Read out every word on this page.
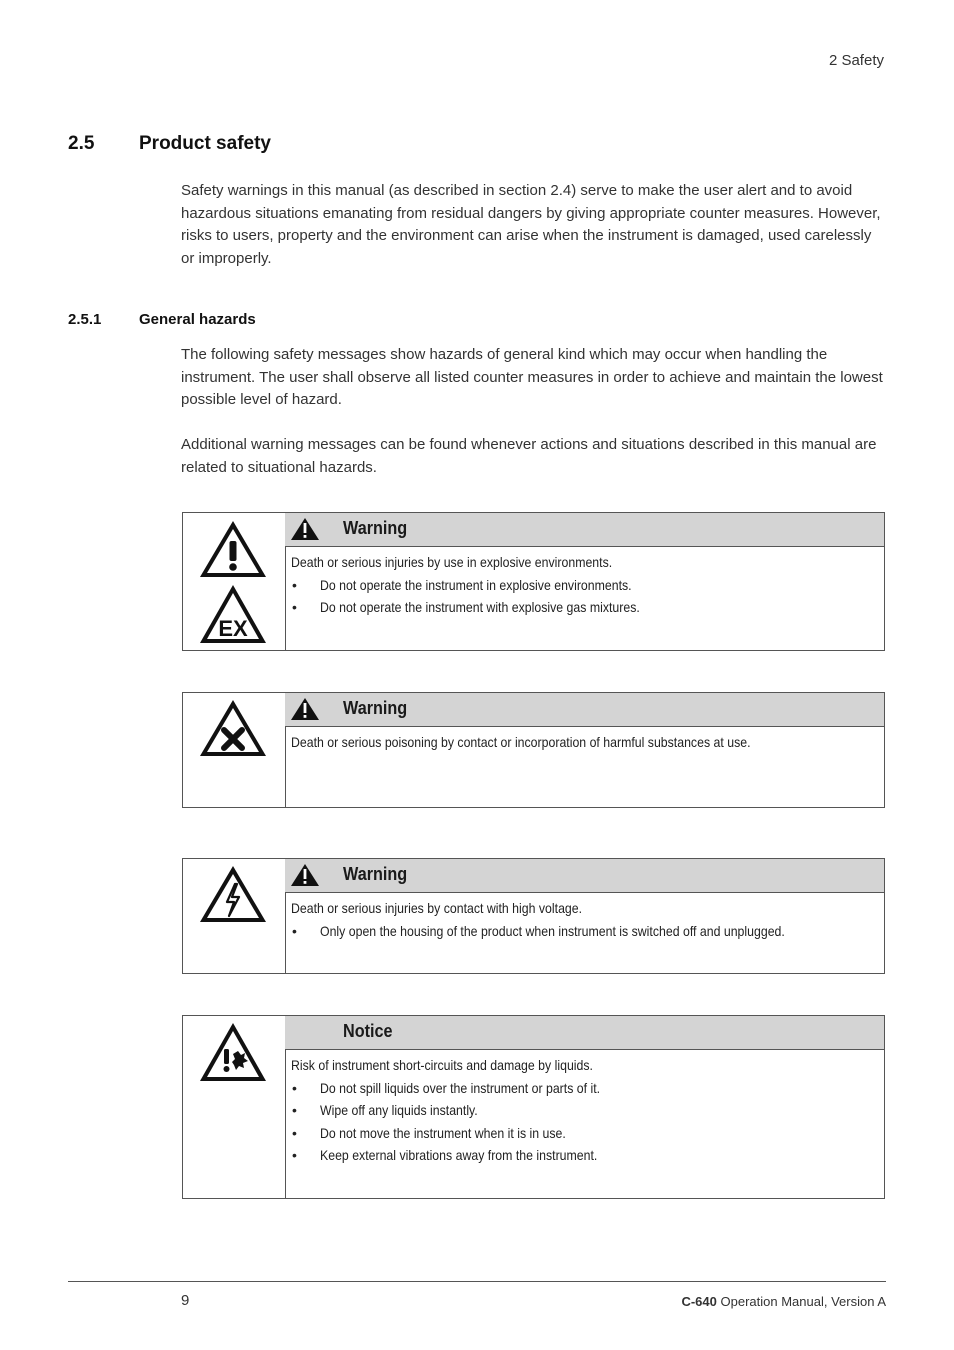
2 Safety
2.5 Product safety
Safety warnings in this manual (as described in section 2.4) serve to make the user alert and to avoid hazardous situations emanating from residual dangers by giving appropriate counter measures. However, risks to users, property and the environment can arise when the instrument is damaged, used carelessly or improperly.
2.5.1	General hazards
The following safety messages show hazards of general kind which may occur when handling the instrument. The user shall observe all listed counter measures in order to achieve and maintain the lowest possible level of hazard.
Additional warning messages can be found whenever actions and situations described in this manual are related to situational hazards.
EX
Warning
Death or serious injuries by use in explosive environments.
• Do not operate the instrument in explosive environments.
• Do not operate the instrument with explosive gas mixtures.
Warning
Death or serious poisoning by contact or incorporation of harmful substances at use.
Warning
Death or serious injuries by contact with high voltage.
• Only open the housing of the product when instrument is switched off and unplugged.
Notice
Risk of instrument short-circuits and damage by liquids.
• Do not spill liquids over the instrument or parts of it.
• Wipe off any liquids instantly.
• Do not move the instrument when it is in use.
• Keep external vibrations away from the instrument.
9	C-640 Operation Manual, Version A
